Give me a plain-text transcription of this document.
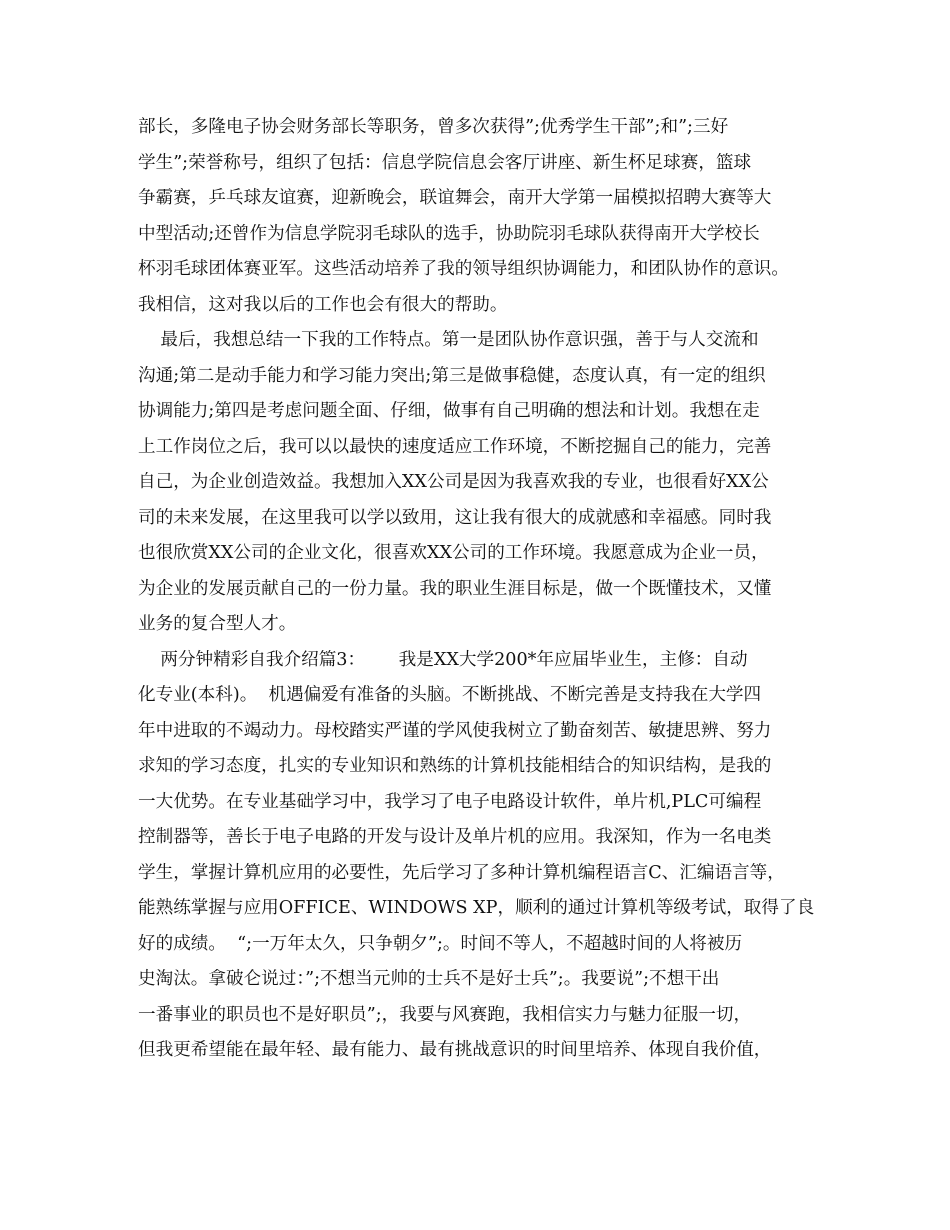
部长，多隆电子协会财务部长等职务，曾多次获得”;优秀学生干部”;和”;三好
学生”;荣誉称号，组织了包括：信息学院信息会客厅讲座、新生杯足球赛，篮球
争霸赛，乒乓球友谊赛，迎新晚会，联谊舞会，南开大学第一届模拟招聘大赛等大
中型活动;还曾作为信息学院羽毛球队的选手，协助院羽毛球队获得南开大学校长
杯羽毛球团体赛亚军。这些活动培养了我的领导组织协调能力，和团队协作的意识。
我相信，这对我以后的工作也会有很大的帮助。
最后，我想总结一下我的工作特点。第一是团队协作意识强，善于与人交流和
沟通;第二是动手能力和学习能力突出;第三是做事稳健，态度认真，有一定的组织
协调能力;第四是考虑问题全面、仔细，做事有自己明确的想法和计划。我想在走
上工作岗位之后，我可以以最快的速度适应工作环境，不断挖掘自己的能力，完善
自己，为企业创造效益。我想加入XX公司是因为我喜欢我的专业，也很看好XX公
司的未来发展，在这里我可以学以致用，这让我有很大的成就感和幸福感。同时我
也很欣赏XX公司的企业文化，很喜欢XX公司的工作环境。我愿意成为企业一员，
为企业的发展贡献自己的一份力量。我的职业生涯目标是，做一个既懂技术，又懂
业务的复合型人才。
两分钟精彩自我介绍篇3：      我是XX大学200*年应届毕业生，主修：自动
化专业(本科)。  机遇偏爱有准备的头脑。不断挑战、不断完善是支持我在大学四
年中进取的不竭动力。母校踏实严谨的学风使我树立了勤奋刻苦、敏捷思辨、努力
求知的学习态度，扎实的专业知识和熟练的计算机技能相结合的知识结构，是我的
一大优势。在专业基础学习中，我学习了电子电路设计软件，单片机,PLC可编程
控制器等，善长于电子电路的开发与设计及单片机的应用。我深知，作为一名电类
学生，掌握计算机应用的必要性，先后学习了多种计算机编程语言C、汇编语言等，
能熟练掌握与应用OFFICE、WINDOWS XP，顺利的通过计算机等级考试，取得了良
好的成绩。  “;一万年太久，只争朝夕”;。时间不等人，不超越时间的人将被历
史淘汰。拿破仑说过：”;不想当元帅的士兵不是好士兵”;。我要说”;不想干出
一番事业的职员也不是好职员”;，我要与风赛跑，我相信实力与魅力征服一切，
但我更希望能在最年轻、最有能力、最有挑战意识的时间里培养、体现自我价值，
